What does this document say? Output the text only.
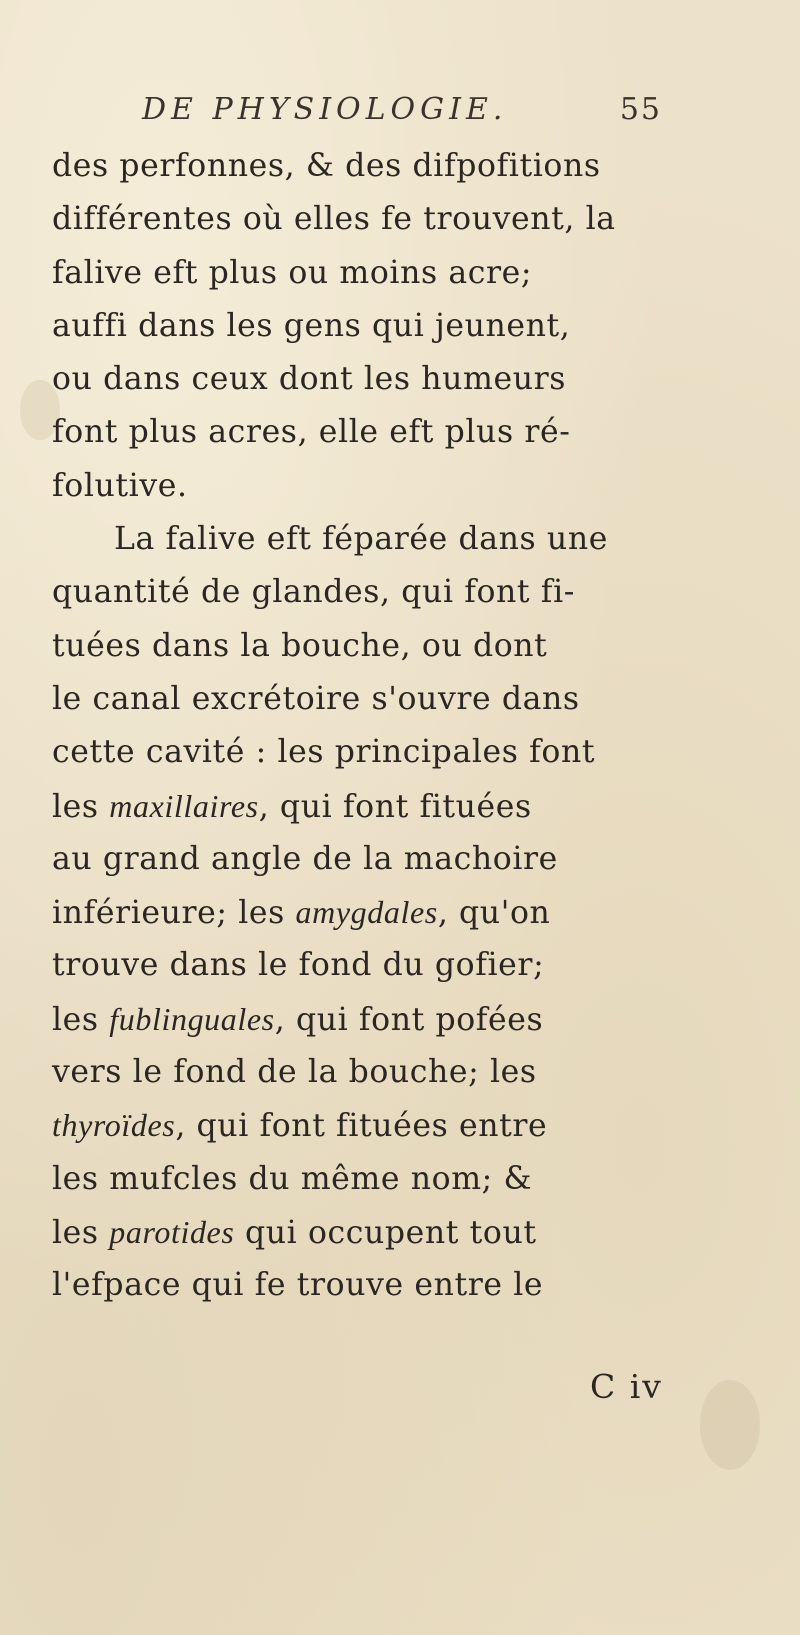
DE PHYSIOLOGIE.	55
des perfonnes, & des difpofitions
différentes où elles fe trouvent, la
falive eft plus ou moins acre;
auffi dans les gens qui jeunent,
ou dans ceux dont les humeurs
font plus acres, elle eft plus ré-
folutive.
La falive eft féparée dans une
quantité de glandes, qui font fi-
tuées dans la bouche, ou dont
le canal excrétoire s'ouvre dans
cette cavité : les principales font
les maxillaires, qui font fituées
au grand angle de la machoire
inférieure; les amygdales, qu'on
trouve dans le fond du gofier;
les fublinguales, qui font pofées
vers le fond de la bouche; les
thyroïdes, qui font fituées entre
les mufcles du même nom; &
les parotides qui occupent tout
l'efpace qui fe trouve entre le
C iv
